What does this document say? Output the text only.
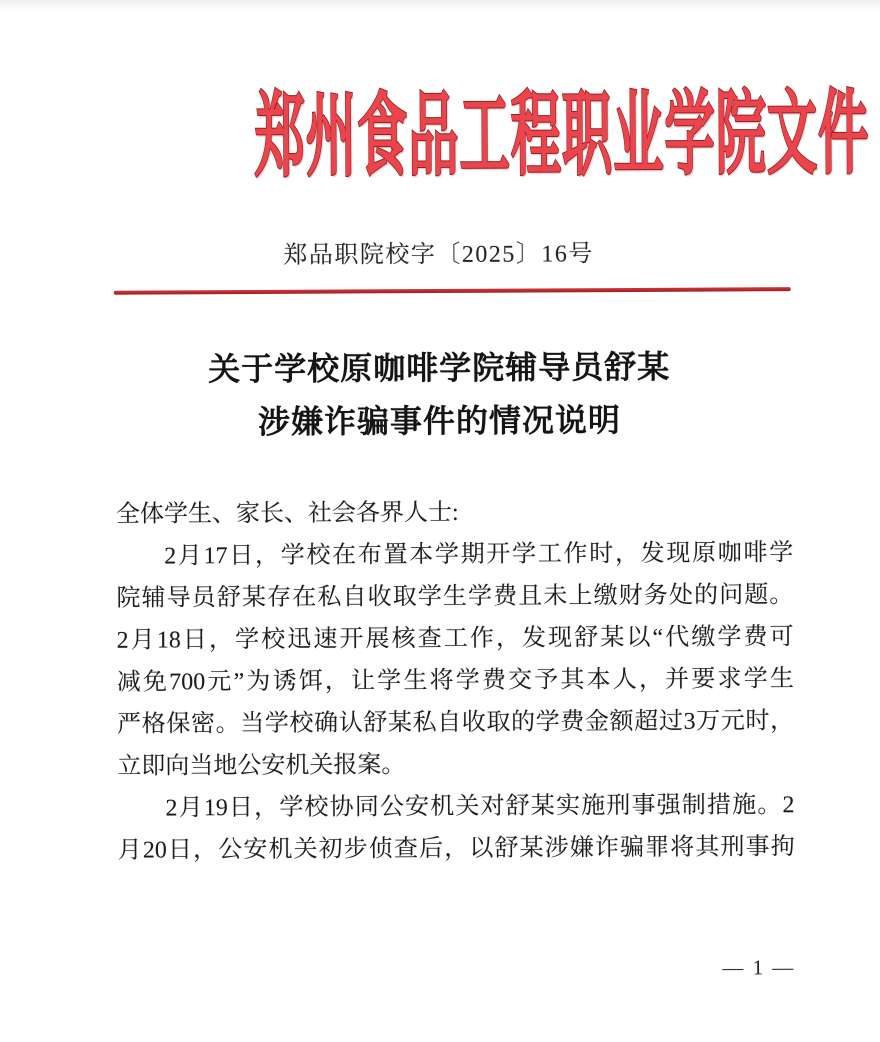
郑州食品工程职业学院文件
郑品职院校字〔2025〕16号
关于学校原咖啡学院辅导员舒某
涉嫌诈骗事件的情况说明
全体学生、家长、社会各界人士:
2月17日，学校在布置本学期开学工作时，发现原咖啡学
院辅导员舒某存在私自收取学生学费且未上缴财务处的问题。
2月18日，学校迅速开展核查工作，发现舒某以“代缴学费可
减免700元”为诱饵，让学生将学费交予其本人，并要求学生
严格保密。当学校确认舒某私自收取的学费金额超过3万元时，
立即向当地公安机关报案。
2月19日，学校协同公安机关对舒某实施刑事强制措施。2
月20日，公安机关初步侦查后，以舒某涉嫌诈骗罪将其刑事拘
— 1 —
